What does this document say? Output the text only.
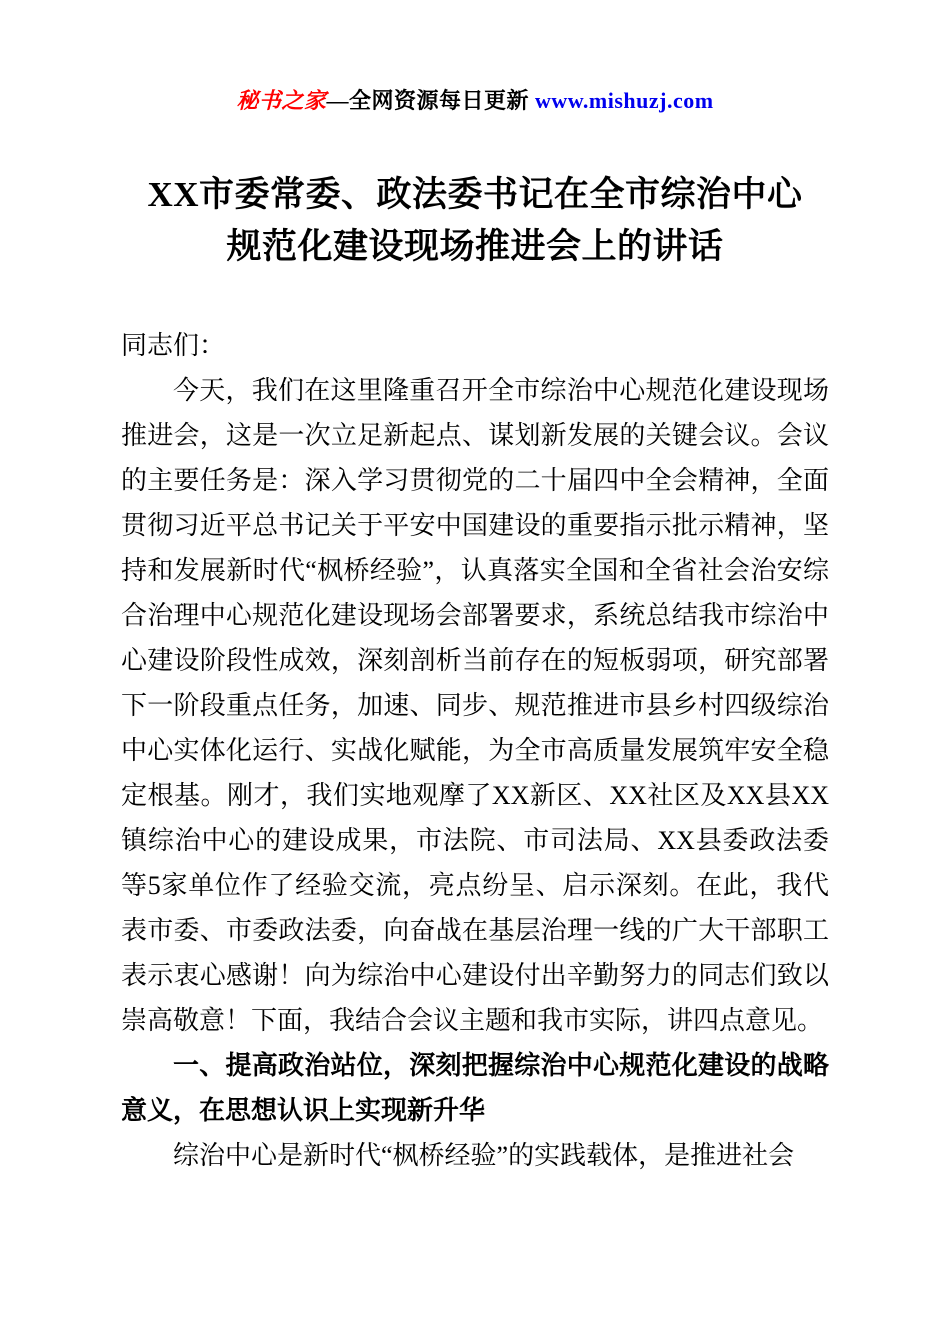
秘书之家—全网资源每日更新 www.mishuzj.com
XX市委常委、政法委书记在全市综治中心
规范化建设现场推进会上的讲话

同志们：

今天，我们在这里隆重召开全市综治中心规范化建设现场推进会，这是一次立足新起点、谋划新发展的关键会议。会议的主要任务是：深入学习贯彻党的二十届四中全会精神，全面贯彻习近平总书记关于平安中国建设的重要指示批示精神，坚持和发展新时代“枫桥经验”，认真落实全国和全省社会治安综合治理中心规范化建设现场会部署要求，系统总结我市综治中心建设阶段性成效，深刻剖析当前存在的短板弱项，研究部署下一阶段重点任务，加速、同步、规范推进市县乡村四级综治中心实体化运行、实战化赋能，为全市高质量发展筑牢安全稳定根基。刚才，我们实地观摩了XX新区、XX社区及XX县XX镇综治中心的建设成果，市法院、市司法局、XX县委政法委等5家单位作了经验交流，亮点纷呈、启示深刻。在此，我代表市委、市委政法委，向奋战在基层治理一线的广大干部职工表示衷心感谢！向为综治中心建设付出辛勤努力的同志们致以崇高敬意！下面，我结合会议主题和我市实际，讲四点意见。

一、提高政治站位，深刻把握综治中心规范化建设的战略意义，在思想认识上实现新升华

综治中心是新时代“枫桥经验”的实践载体，是推进社会
